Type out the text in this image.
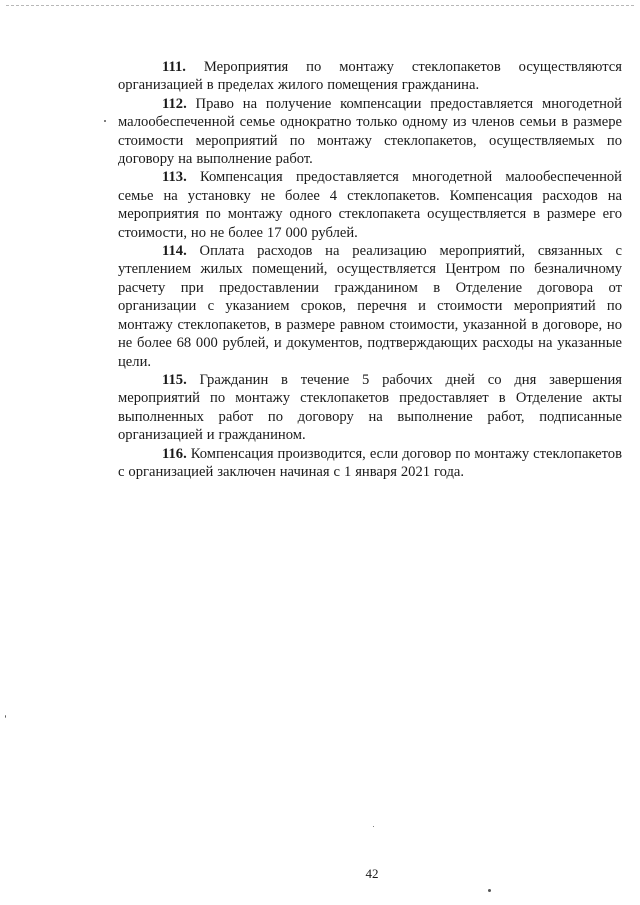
111. Мероприятия по монтажу стеклопакетов осуществляются организацией в пределах жилого помещения гражданина.

112. Право на получение компенсации предоставляется многодетной малообеспеченной семье однократно только одному из членов семьи в размере стоимости мероприятий по монтажу стеклопакетов, осуществляемых по договору на выполнение работ.

113. Компенсация предоставляется многодетной малообеспеченной семье на установку не более 4 стеклопакетов. Компенсация расходов на мероприятия по монтажу одного стеклопакета осуществляется в размере его стоимости, но не более 17 000 рублей.

114. Оплата расходов на реализацию мероприятий, связанных с утеплением жилых помещений, осуществляется Центром по безналичному расчету при предоставлении гражданином в Отделение договора от организации с указанием сроков, перечня и стоимости мероприятий по монтажу стеклопакетов, в размере равном стоимости, указанной в договоре, но не более 68 000 рублей, и документов, подтверждающих расходы на указанные цели.

115. Гражданин в течение 5 рабочих дней со дня завершения мероприятий по монтажу стеклопакетов предоставляет в Отделение акты выполненных работ по договору на выполнение работ, подписанные организацией и гражданином.

116. Компенсация производится, если договор по монтажу стеклопакетов с организацией заключен начиная с 1 января 2021 года.

42
